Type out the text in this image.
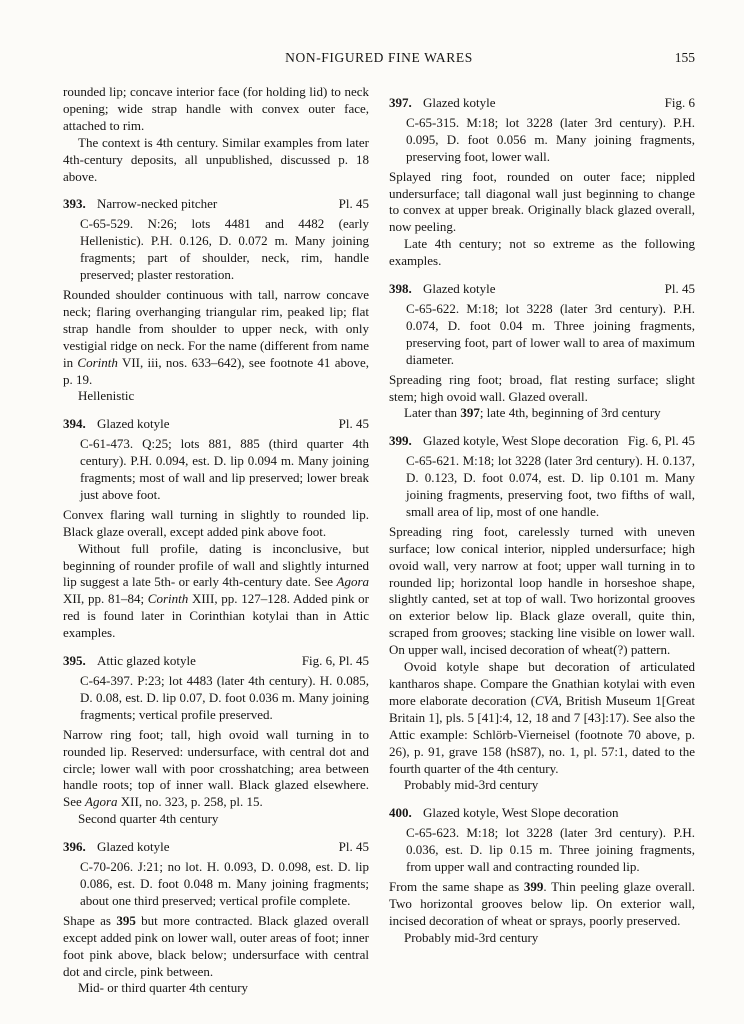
NON-FIGURED FINE WARES	155

rounded lip; concave interior face (for holding lid) to neck opening; wide strap handle with convex outer face, attached to rim.

The context is 4th century. Similar examples from later 4th-century deposits, all unpublished, discussed p. 18 above.

393. Narrow-necked pitcher	Pl. 45

C-65-529. N:26; lots 4481 and 4482 (early Hellenistic). P.H. 0.126, D. 0.072 m. Many joining fragments; part of shoulder, neck, rim, handle preserved; plaster restoration.

Rounded shoulder continuous with tall, narrow concave neck; flaring overhanging triangular rim, peaked lip; flat strap handle from shoulder to upper neck, with only vestigial ridge on neck. For the name (different from name in Corinth VII, iii, nos. 633–642), see footnote 41 above, p. 19.

Hellenistic

394. Glazed kotyle	Pl. 45

C-61-473. Q:25; lots 881, 885 (third quarter 4th century). P.H. 0.094, est. D. lip 0.094 m. Many joining fragments; most of wall and lip preserved; lower break just above foot.

Convex flaring wall turning in slightly to rounded lip. Black glaze overall, except added pink above foot.

Without full profile, dating is inconclusive, but beginning of rounder profile of wall and slightly inturned lip suggest a late 5th- or early 4th-century date. See Agora XII, pp. 81–84; Corinth XIII, pp. 127–128. Added pink or red is found later in Corinthian kotylai than in Attic examples.

395. Attic glazed kotyle	Fig. 6, Pl. 45

C-64-397. P:23; lot 4483 (later 4th century). H. 0.085, D. 0.08, est. D. lip 0.07, D. foot 0.036 m. Many joining fragments; vertical profile preserved.

Narrow ring foot; tall, high ovoid wall turning in to rounded lip. Reserved: undersurface, with central dot and circle; lower wall with poor crosshatching; area between handle roots; top of inner wall. Black glazed elsewhere. See Agora XII, no. 323, p. 258, pl. 15.

Second quarter 4th century

396. Glazed kotyle	Pl. 45

C-70-206. J:21; no lot. H. 0.093, D. 0.098, est. D. lip 0.086, est. D. foot 0.048 m. Many joining fragments; about one third preserved; vertical profile complete.

Shape as 395 but more contracted. Black glazed overall except added pink on lower wall, outer areas of foot; inner foot pink above, black below; undersurface with central dot and circle, pink between.

Mid- or third quarter 4th century

397. Glazed kotyle	Fig. 6

C-65-315. M:18; lot 3228 (later 3rd century). P.H. 0.095, D. foot 0.056 m. Many joining fragments, preserving foot, lower wall.

Splayed ring foot, rounded on outer face; nippled undersurface; tall diagonal wall just beginning to change to convex at upper break. Originally black glazed overall, now peeling.

Late 4th century; not so extreme as the following examples.

398. Glazed kotyle	Pl. 45

C-65-622. M:18; lot 3228 (later 3rd century). P.H. 0.074, D. foot 0.04 m. Three joining fragments, preserving foot, part of lower wall to area of maximum diameter.

Spreading ring foot; broad, flat resting surface; slight stem; high ovoid wall. Glazed overall.

Later than 397; late 4th, beginning of 3rd century

399. Glazed kotyle, West Slope decoration Fig. 6, Pl. 45

C-65-621. M:18; lot 3228 (later 3rd century). H. 0.137, D. 0.123, D. foot 0.074, est. D. lip 0.101 m. Many joining fragments, preserving foot, two fifths of wall, small area of lip, most of one handle.

Spreading ring foot, carelessly turned with uneven surface; low conical interior, nippled undersurface; high ovoid wall, very narrow at foot; upper wall turning in to rounded lip; horizontal loop handle in horseshoe shape, slightly canted, set at top of wall. Two horizontal grooves on exterior below lip. Black glaze overall, quite thin, scraped from grooves; stacking line visible on lower wall. On upper wall, incised decoration of wheat(?) pattern.

Ovoid kotyle shape but decoration of articulated kantharos shape. Compare the Gnathian kotylai with even more elaborate decoration (CVA, British Museum 1[Great Britain 1], pls. 5 [41]:4, 12, 18 and 7 [43]:17). See also the Attic example: Schlörb-Vierneisel (footnote 70 above, p. 26), p. 91, grave 158 (hS87), no. 1, pl. 57:1, dated to the fourth quarter of the 4th century.

Probably mid-3rd century

400. Glazed kotyle, West Slope decoration

C-65-623. M:18; lot 3228 (later 3rd century). P.H. 0.036, est. D. lip 0.15 m. Three joining fragments, from upper wall and contracting rounded lip.

From the same shape as 399. Thin peeling glaze overall. Two horizontal grooves below lip. On exterior wall, incised decoration of wheat or sprays, poorly preserved.

Probably mid-3rd century
